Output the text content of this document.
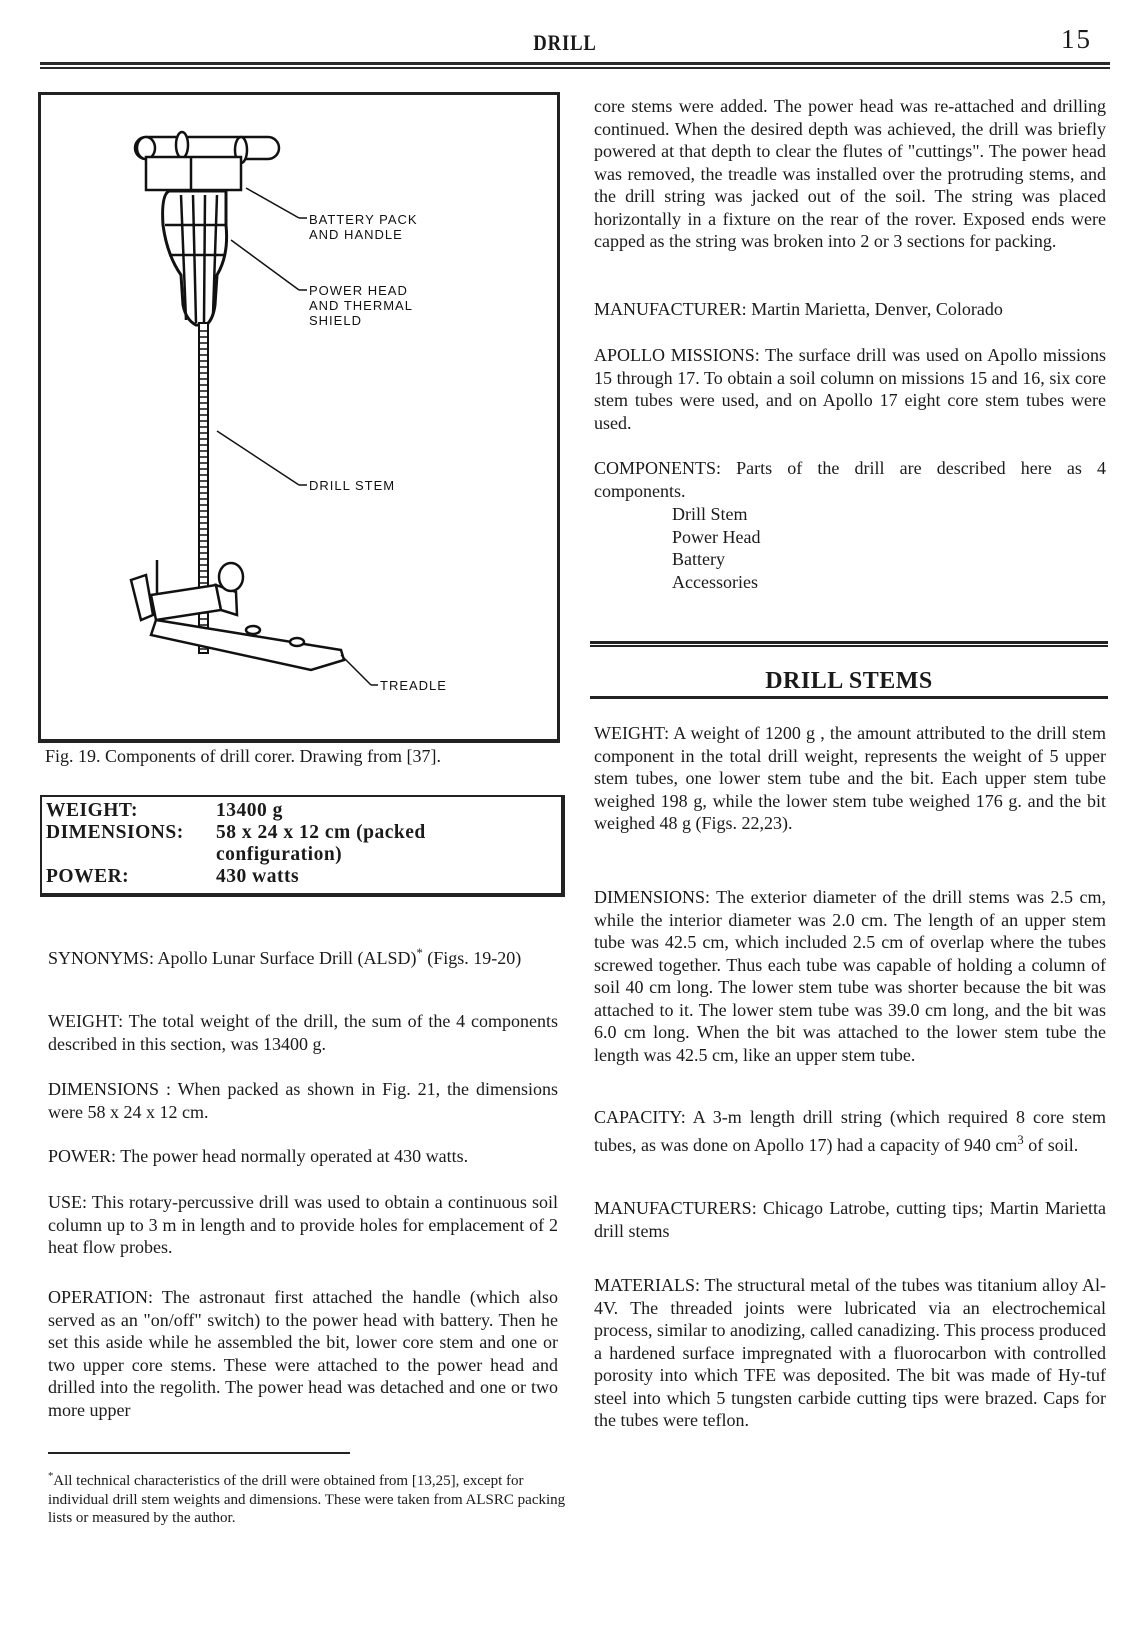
DRILL	15
BATTERY PACK
AND HANDLE
POWER HEAD
AND THERMAL
SHIELD
DRILL STEM
TREADLE
Fig. 19. Components of drill corer. Drawing from [37].
WEIGHT:	13400 g
DIMENSIONS: 58 x 24 x 12 cm (packed
configuration)
POWER:	430 watts
SYNONYMS: Apollo Lunar Surface Drill (ALSD)* (Figs. 19-20)
WEIGHT: The total weight of the drill, the sum of the 4 components described in this section, was 13400 g.
DIMENSIONS : When packed as shown in Fig. 21, the dimensions were 58 x 24 x 12 cm.
POWER: The power head normally operated at 430 watts.
USE: This rotary-percussive drill was used to obtain a continuous soil column up to 3 m in length and to provide holes for emplacement of 2 heat flow probes.
OPERATION: The astronaut first attached the handle (which also served as an "on/off" switch) to the power head with battery. Then he set this aside while he assembled the bit, lower core stem and one or two upper core stems. These were attached to the power head and drilled into the regolith. The power head was detached and one or two more upper
*All technical characteristics of the drill were obtained from [13,25], except for individual drill stem weights and dimensions. These were taken from ALSRC packing lists or measured by the author.
core stems were added. The power head was re-attached and drilling continued. When the desired depth was achieved, the drill was briefly powered at that depth to clear the flutes of "cuttings". The power head was removed, the treadle was installed over the protruding stems, and the drill string was jacked out of the soil. The string was placed horizontally in a fixture on the rear of the rover. Exposed ends were capped as the string was broken into 2 or 3 sections for packing.
MANUFACTURER: Martin Marietta, Denver, Colorado
APOLLO MISSIONS: The surface drill was used on Apollo missions 15 through 17. To obtain a soil column on missions 15 and 16, six core stem tubes were used, and on Apollo 17 eight core stem tubes were used.
COMPONENTS: Parts of the drill are described here as 4 components.
Drill Stem
Power Head
Battery
Accessories
DRILL STEMS
WEIGHT: A weight of 1200 g , the amount attributed to the drill stem component in the total drill weight, represents the weight of 5 upper stem tubes, one lower stem tube and the bit. Each upper stem tube weighed 198 g, while the lower stem tube weighed 176 g. and the bit weighed 48 g (Figs. 22,23).
DIMENSIONS: The exterior diameter of the drill stems was 2.5 cm, while the interior diameter was 2.0 cm. The length of an upper stem tube was 42.5 cm, which included 2.5 cm of overlap where the tubes screwed together. Thus each tube was capable of holding a column of soil 40 cm long. The lower stem tube was shorter because the bit was attached to it. The lower stem tube was 39.0 cm long, and the bit was 6.0 cm long. When the bit was attached to the lower stem tube the length was 42.5 cm, like an upper stem tube.
CAPACITY: A 3-m length drill string (which required 8 core stem tubes, as was done on Apollo 17) had a capacity of 940 $cm^3$ of soil.
MANUFACTURERS: Chicago Latrobe, cutting tips; Martin Marietta drill stems
MATERIALS: The structural metal of the tubes was titanium alloy Al-4V. The threaded joints were lubricated via an electrochemical process, similar to anodizing, called canadizing. This process produced a hardened surface impregnated with a fluorocarbon with controlled porosity into which TFE was deposited. The bit was made of Hy-tuf steel into which 5 tungsten carbide cutting tips were brazed. Caps for the tubes were teflon.
